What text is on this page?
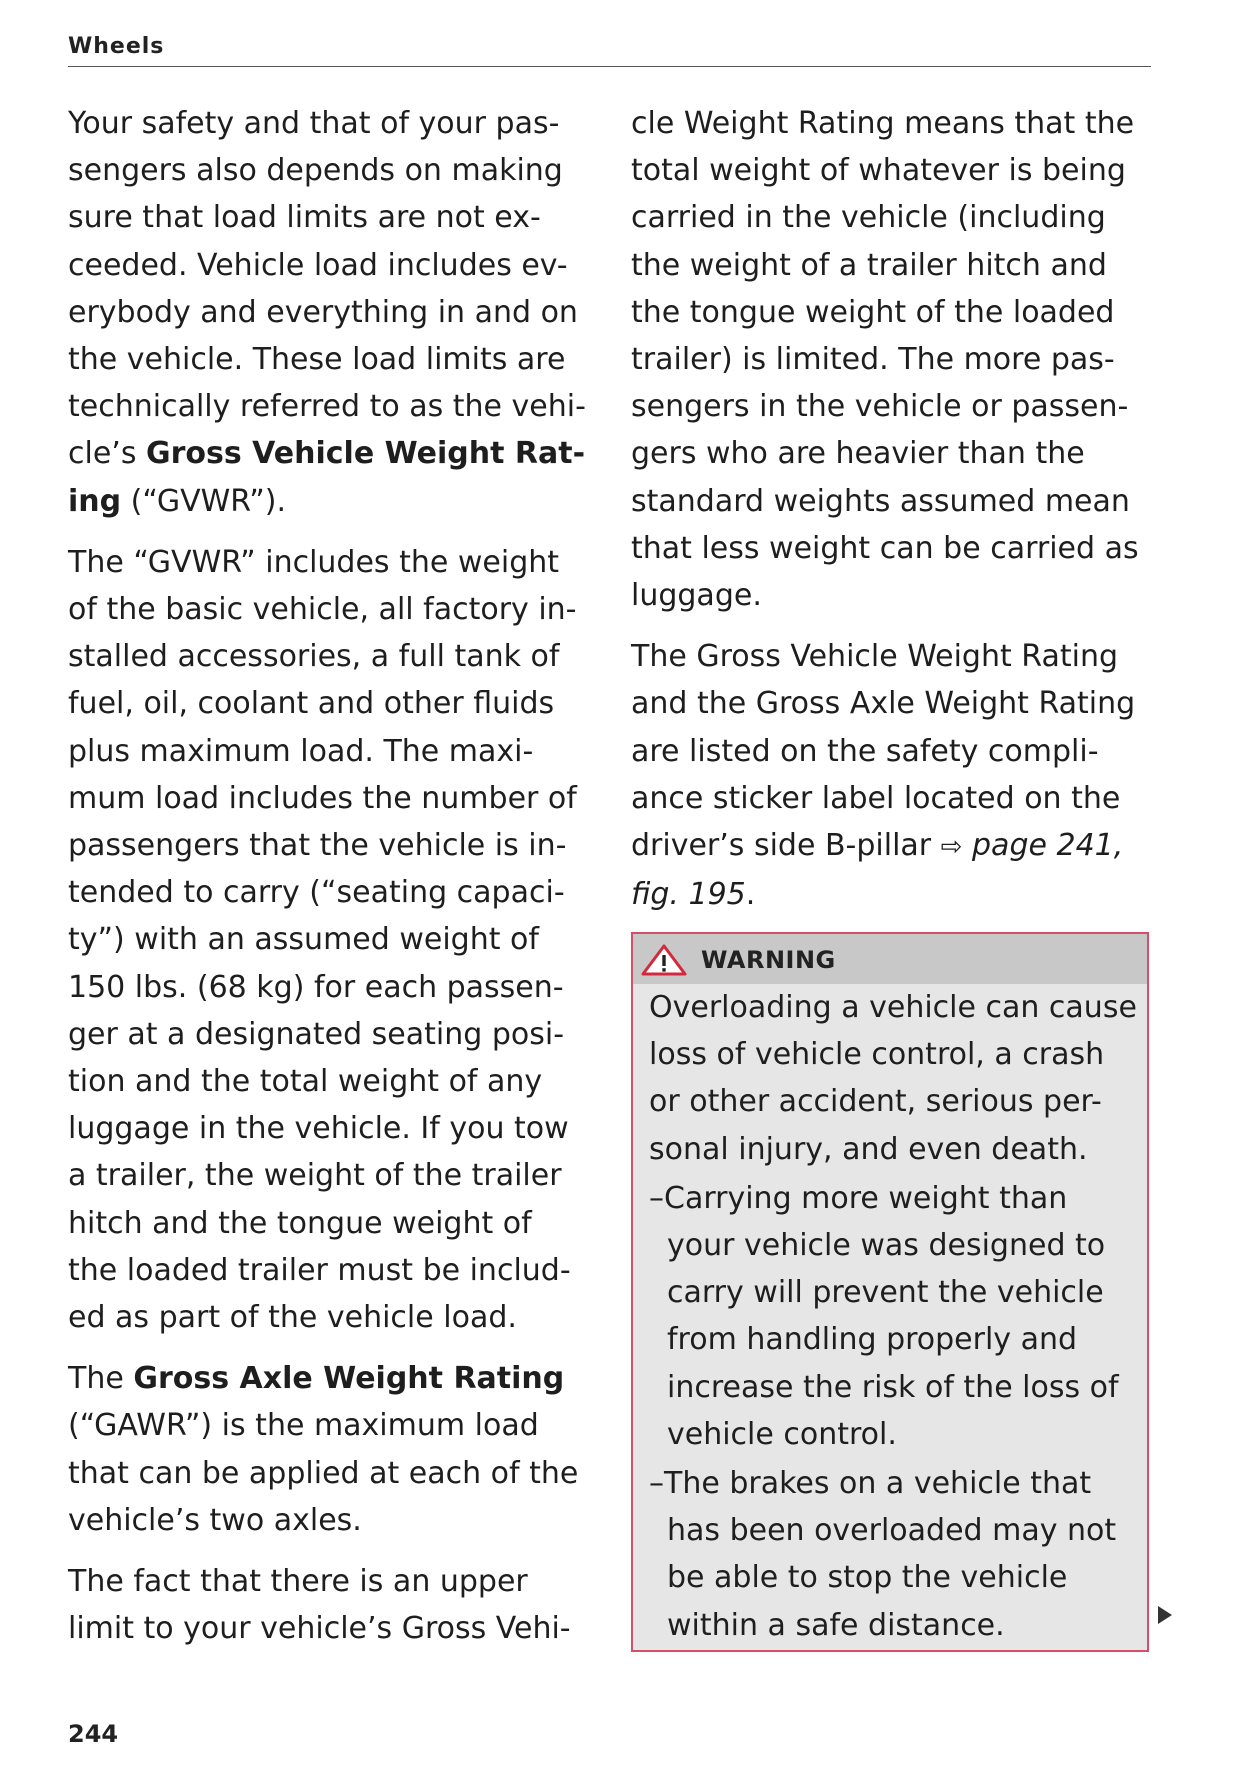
Wheels

Your safety and that of your pas-
sengers also depends on making
sure that load limits are not ex-
ceeded. Vehicle load includes ev-
erybody and everything in and on
the vehicle. These load limits are
technically referred to as the vehi-
cle’s Gross Vehicle Weight Rat-
ing (“GVWR”).

The “GVWR” includes the weight
of the basic vehicle, all factory in-
stalled accessories, a full tank of
fuel, oil, coolant and other fluids
plus maximum load. The maxi-
mum load includes the number of
passengers that the vehicle is in-
tended to carry (“seating capaci-
ty”) with an assumed weight of
150 lbs. (68 kg) for each passen-
ger at a designated seating posi-
tion and the total weight of any
luggage in the vehicle. If you tow
a trailer, the weight of the trailer
hitch and the tongue weight of
the loaded trailer must be includ-
ed as part of the vehicle load.

The Gross Axle Weight Rating
(“GAWR”) is the maximum load
that can be applied at each of the
vehicle’s two axles.

The fact that there is an upper
limit to your vehicle’s Gross Vehi-

cle Weight Rating means that the
total weight of whatever is being
carried in the vehicle (including
the weight of a trailer hitch and
the tongue weight of the loaded
trailer) is limited. The more pas-
sengers in the vehicle or passen-
gers who are heavier than the
standard weights assumed mean
that less weight can be carried as
luggage.

The Gross Vehicle Weight Rating
and the Gross Axle Weight Rating
are listed on the safety compli-
ance sticker label located on the
driver’s side B-pillar ⇨ page 241,
fig. 195.

WARNING
Overloading a vehicle can cause
loss of vehicle control, a crash
or other accident, serious per-
sonal injury, and even death.
–Carrying more weight than
your vehicle was designed to
carry will prevent the vehicle
from handling properly and
increase the risk of the loss of
vehicle control.
–The brakes on a vehicle that
has been overloaded may not
be able to stop the vehicle
within a safe distance.
244
